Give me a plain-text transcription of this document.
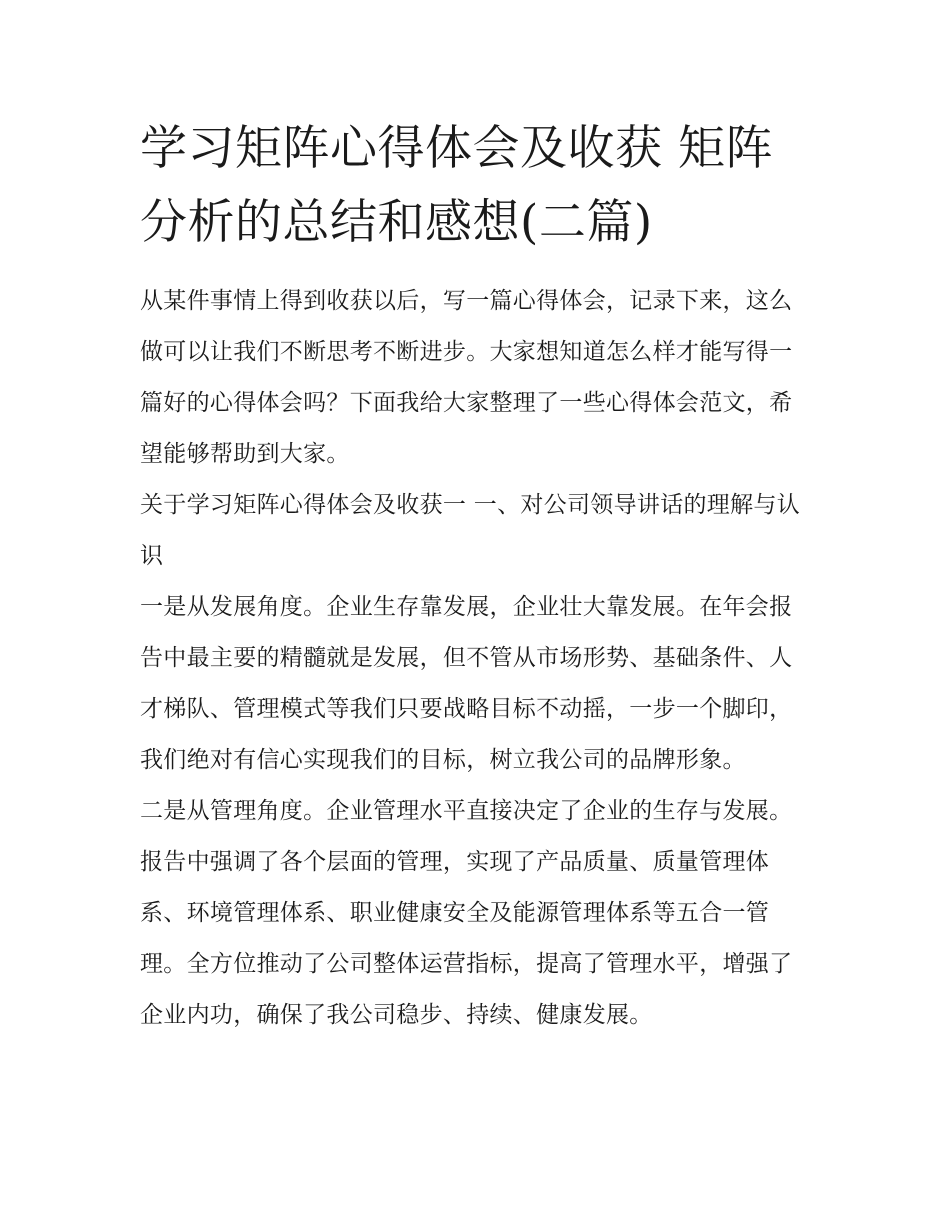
学习矩阵心得体会及收获 矩阵分析的总结和感想(二篇)

从某件事情上得到收获以后，写一篇心得体会，记录下来，这么做可以让我们不断思考不断进步。大家想知道怎么样才能写得一篇好的心得体会吗？下面我给大家整理了一些心得体会范文，希望能够帮助到大家。

关于学习矩阵心得体会及收获一 一、对公司领导讲话的理解与认识

一是从发展角度。企业生存靠发展，企业壮大靠发展。在年会报告中最主要的精髓就是发展，但不管从市场形势、基础条件、人才梯队、管理模式等我们只要战略目标不动摇，一步一个脚印，我们绝对有信心实现我们的目标，树立我公司的品牌形象。

二是从管理角度。企业管理水平直接决定了企业的生存与发展。报告中强调了各个层面的管理，实现了产品质量、质量管理体系、环境管理体系、职业健康安全及能源管理体系等五合一管理。全方位推动了公司整体运营指标，提高了管理水平，增强了企业内功，确保了我公司稳步、持续、健康发展。
